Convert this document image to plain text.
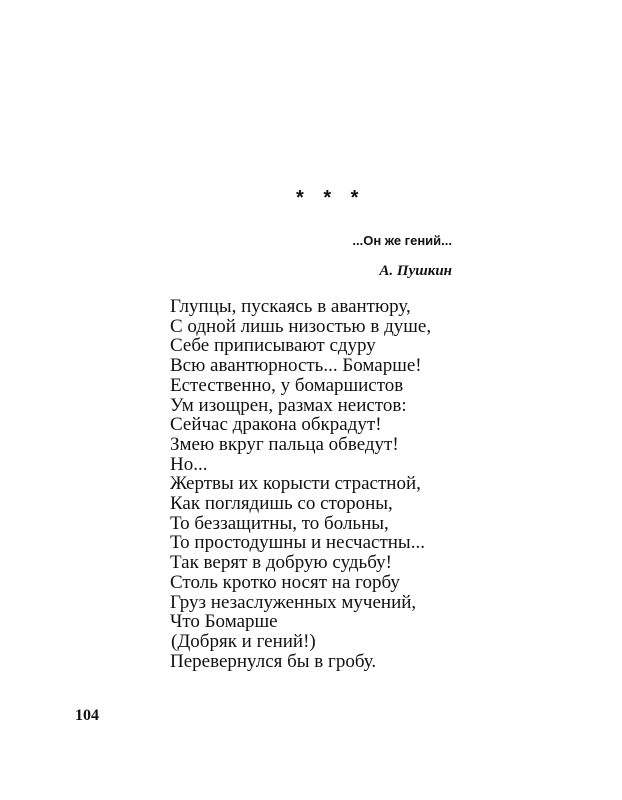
* * *
...Он же гений...
А. Пушкин
Глупцы, пускаясь в авантюру,
С одной лишь низостью в душе,
Себе приписывают сдуру
Всю авантюрность... Бомарше!
Естественно, у бомаршистов
Ум изощрен, размах неистов:
Сейчас дракона обкрадут!
Змею вкруг пальца обведут!
Но...
Жертвы их корысти страстной,
Как поглядишь со стороны,
То беззащитны, то больны,
То простодушны и несчастны...
Так верят в добрую судьбу!
Столь кротко носят на горбу
Груз незаслуженных мучений,
Что Бомарше
(Добряк и гений!)
Перевернулся бы в гробу.
104
